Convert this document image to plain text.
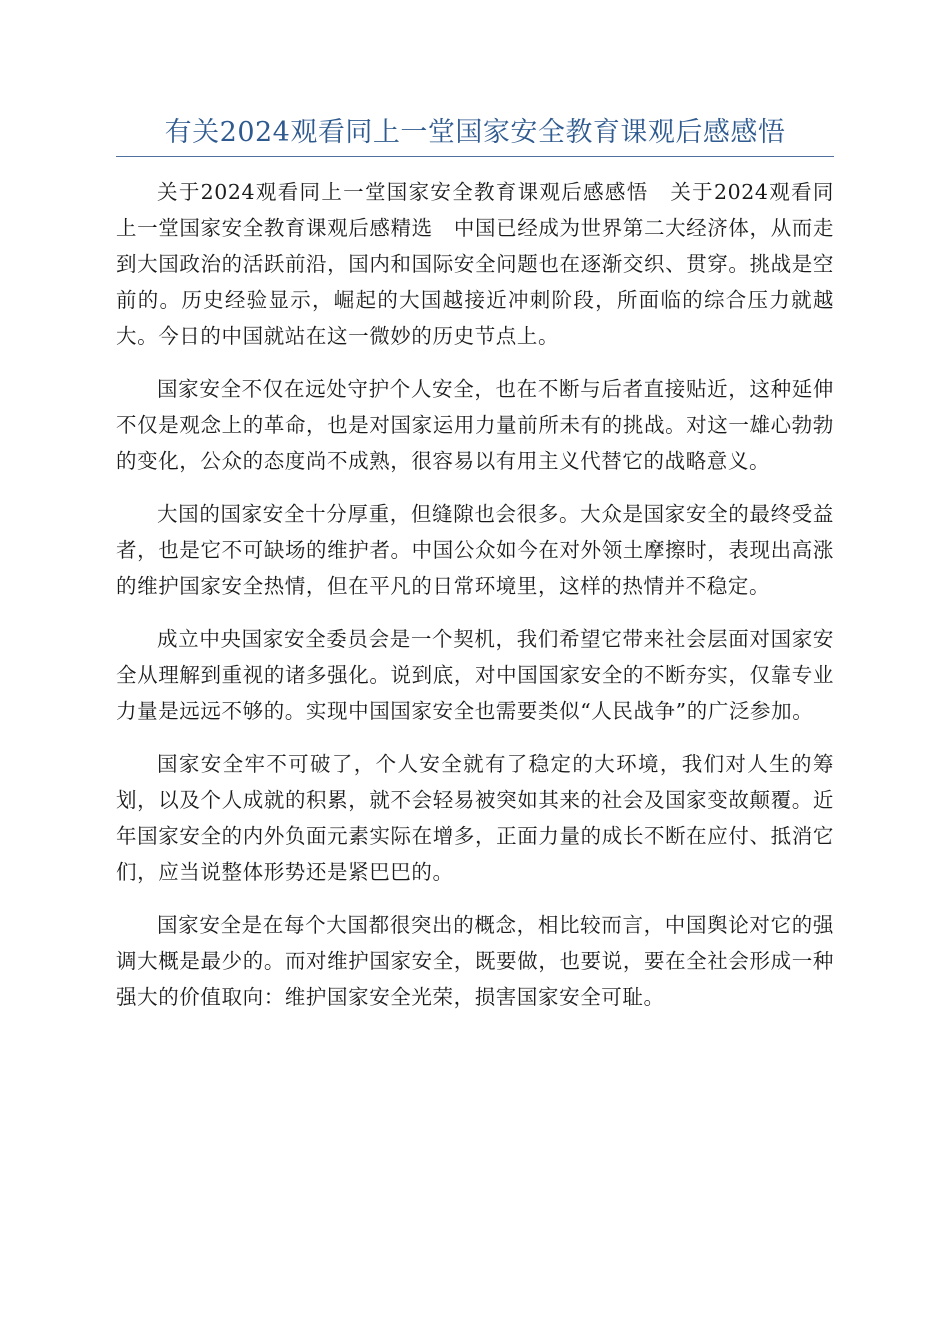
有关2024观看同上一堂国家安全教育课观后感感悟

关于2024观看同上一堂国家安全教育课观后感感悟　关于2024观看同上一堂国家安全教育课观后感精选　中国已经成为世界第二大经济体，从而走到大国政治的活跃前沿，国内和国际安全问题也在逐渐交织、贯穿。挑战是空前的。历史经验显示，崛起的大国越接近冲刺阶段，所面临的综合压力就越大。今日的中国就站在这一微妙的历史节点上。

国家安全不仅在远处守护个人安全，也在不断与后者直接贴近，这种延伸不仅是观念上的革命，也是对国家运用力量前所未有的挑战。对这一雄心勃勃的变化，公众的态度尚不成熟，很容易以有用主义代替它的战略意义。

大国的国家安全十分厚重，但缝隙也会很多。大众是国家安全的最终受益者，也是它不可缺场的维护者。中国公众如今在对外领土摩擦时，表现出高涨的维护国家安全热情，但在平凡的日常环境里，这样的热情并不稳定。

成立中央国家安全委员会是一个契机，我们希望它带来社会层面对国家安全从理解到重视的诸多强化。说到底，对中国国家安全的不断夯实，仅靠专业力量是远远不够的。实现中国国家安全也需要类似“人民战争”的广泛参加。

国家安全牢不可破了，个人安全就有了稳定的大环境，我们对人生的筹划，以及个人成就的积累，就不会轻易被突如其来的社会及国家变故颠覆。近年国家安全的内外负面元素实际在增多，正面力量的成长不断在应付、抵消它们，应当说整体形势还是紧巴巴的。

国家安全是在每个大国都很突出的概念，相比较而言，中国舆论对它的强调大概是最少的。而对维护国家安全，既要做，也要说，要在全社会形成一种强大的价值取向：维护国家安全光荣，损害国家安全可耻。
